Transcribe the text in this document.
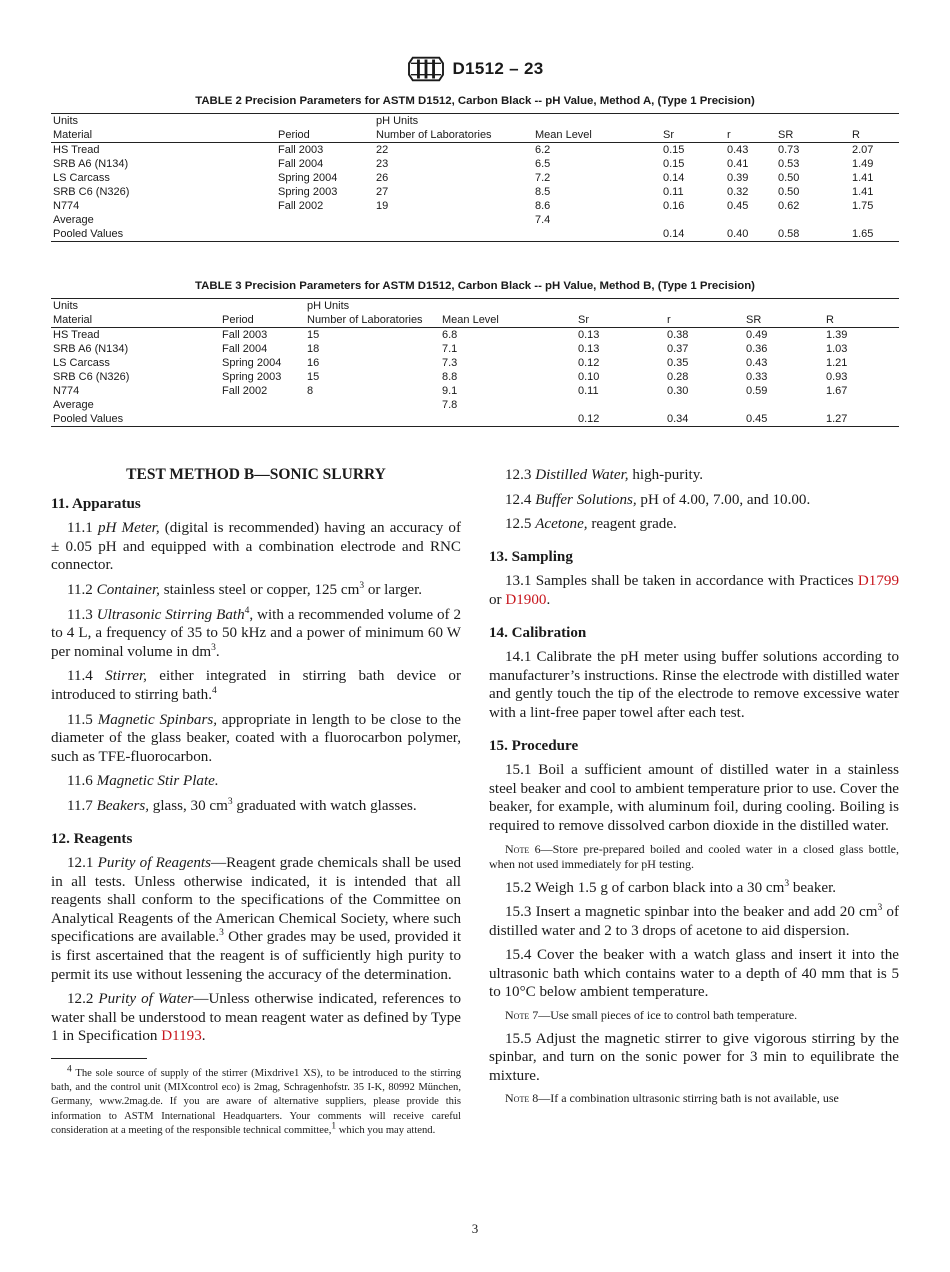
D1512 – 23
TABLE 2 Precision Parameters for ASTM D1512, Carbon Black -- pH Value, Method A, (Type 1 Precision)
Units		pH Units					
Material	Period	Number of Laboratories	Mean Level	Sr	r	SR	R
HS Tread	Fall 2003	22	6.2	0.15	0.43	0.73	2.07
SRB A6 (N134)	Fall 2004	23	6.5	0.15	0.41	0.53	1.49
LS Carcass	Spring 2004	26	7.2	0.14	0.39	0.50	1.41
SRB C6 (N326)	Spring 2003	27	8.5	0.11	0.32	0.50	1.41
N774	Fall 2002	19	8.6	0.16	0.45	0.62	1.75
Average			7.4				
Pooled Values				0.14	0.40	0.58	1.65
TABLE 3 Precision Parameters for ASTM D1512, Carbon Black -- pH Value, Method B, (Type 1 Precision)
Units		pH Units					
Material	Period	Number of Laboratories	Mean Level	Sr	r	SR	R
HS Tread	Fall 2003	15	6.8	0.13	0.38	0.49	1.39
SRB A6 (N134)	Fall 2004	18	7.1	0.13	0.37	0.36	1.03
LS Carcass	Spring 2004	16	7.3	0.12	0.35	0.43	1.21
SRB C6 (N326)	Spring 2003	15	8.8	0.10	0.28	0.33	0.93
N774	Fall 2002	8	9.1	0.11	0.30	0.59	1.67
Average			7.8				
Pooled Values				0.12	0.34	0.45	1.27
TEST METHOD B—SONIC SLURRY
11. Apparatus

11.1 pH Meter, (digital is recommended) having an accuracy of ± 0.05 pH and equipped with a combination electrode and RNC connector.

11.2 Container, stainless steel or copper, 125 $cm^3$ or larger.

11.3 Ultrasonic Stirring Bath$^4$, with a recommended volume of 2 to 4 L, a frequency of 35 to 50 kHz and a power of minimum 60 W per nominal volume in $dm^3$.

11.4 Stirrer, either integrated in stirring bath device or introduced to stirring bath.$^4$

11.5 Magnetic Spinbars, appropriate in length to be close to the diameter of the glass beaker, coated with a fluorocarbon polymer, such as TFE-fluorocarbon.

11.6 Magnetic Stir Plate.

11.7 Beakers, glass, 30 $cm^3$ graduated with watch glasses.

12. Reagents

12.1 Purity of Reagents—Reagent grade chemicals shall be used in all tests. Unless otherwise indicated, it is intended that all reagents shall conform to the specifications of the Committee on Analytical Reagents of the American Chemical Society, where such specifications are available.$^3$ Other grades may be used, provided it is first ascertained that the reagent is of sufficiently high purity to permit its use without lessening the accuracy of the determination.

12.2 Purity of Water—Unless otherwise indicated, references to water shall be understood to mean reagent water as defined by Type 1 in Specification D1193.

$^4$ The sole source of supply of the stirrer (Mixdrive1 XS), to be introduced to the stirring bath, and the control unit (MIXcontrol eco) is 2mag, Schragenhofstr. 35 I-K, 80992 München, Germany, www.2mag.de. If you are aware of alternative suppliers, please provide this information to ASTM International Headquarters. Your comments will receive careful consideration at a meeting of the responsible technical committee,$^1$ which you may attend.

12.3 Distilled Water, high-purity.

12.4 Buffer Solutions, pH of 4.00, 7.00, and 10.00.

12.5 Acetone, reagent grade.

13. Sampling

13.1 Samples shall be taken in accordance with Practices D1799 or D1900.

14. Calibration

14.1 Calibrate the pH meter using buffer solutions according to manufacturer’s instructions. Rinse the electrode with distilled water and gently touch the tip of the electrode to remove excessive water with a lint-free paper towel after each test.

15. Procedure

15.1 Boil a sufficient amount of distilled water in a stainless steel beaker and cool to ambient temperature prior to use. Cover the beaker, for example, with aluminum foil, during cooling. Boiling is required to remove dissolved carbon dioxide in the distilled water.

Note 6—Store pre-prepared boiled and cooled water in a closed glass bottle, when not used immediately for pH testing.

15.2 Weigh 1.5 g of carbon black into a 30 $cm^3$ beaker.

15.3 Insert a magnetic spinbar into the beaker and add 20 $cm^3$ of distilled water and 2 to 3 drops of acetone to aid dispersion.

15.4 Cover the beaker with a watch glass and insert it into the ultrasonic bath which contains water to a depth of 40 mm that is 5 to 10°C below ambient temperature.

Note 7—Use small pieces of ice to control bath temperature.

15.5 Adjust the magnetic stirrer to give vigorous stirring by the spinbar, and turn on the sonic power for 3 min to equilibrate the mixture.

Note 8—If a combination ultrasonic stirring bath is not available, use

3
